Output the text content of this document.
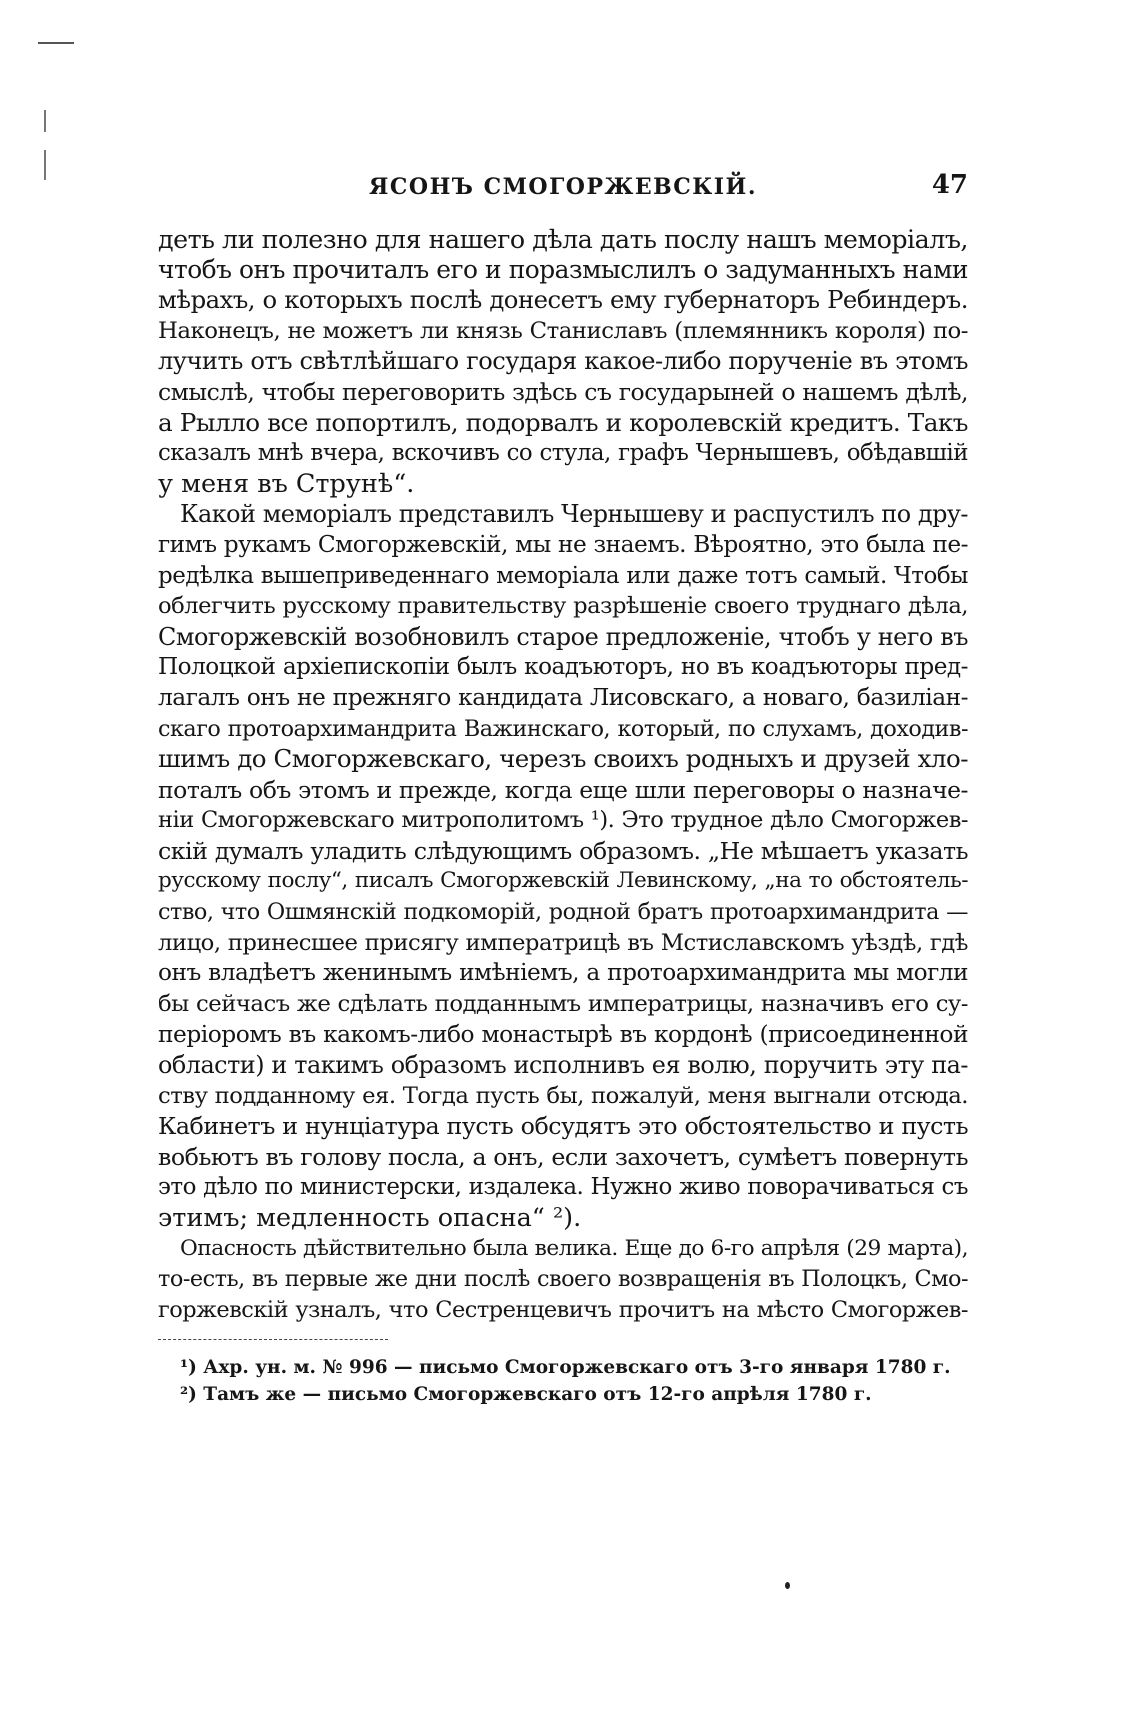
ЯСОНЪ СМОГОРЖЕВСКІЙ.	47
деть ли полезно для нашего дѣла дать послу нашъ меморіалъ,
чтобъ онъ прочиталъ его и поразмыслилъ о задуманныхъ нами
мѣрахъ, о которыхъ послѣ донесетъ ему губернаторъ Ребиндеръ.
Наконецъ, не можетъ ли князь Станиславъ (племянникъ короля) по-
лучить отъ свѣтлѣйшаго государя какое-либо порученіе въ этомъ
смыслѣ, чтобы переговорить здѣсь съ государыней о нашемъ дѣлѣ,
а Рылло все попортилъ, подорвалъ и королевскій кредитъ. Такъ
сказалъ мнѣ вчера, вскочивъ со стула, графъ Чернышевъ, обѣдавшій
у меня въ Струнѣ“.
Какой меморіалъ представилъ Чернышеву и распустилъ по дру-
гимъ рукамъ Смогоржевскій, мы не знаемъ. Вѣроятно, это была пе-
редѣлка вышеприведеннаго меморіала или даже тотъ самый. Чтобы
облегчить русскому правительству разрѣшеніе своего труднаго дѣла,
Смогоржевскій возобновилъ старое предложеніе, чтобъ у него въ
Полоцкой архіепископіи былъ коадъюторъ, но въ коадъюторы пред-
лагалъ онъ не прежняго кандидата Лисовскаго, а новаго, базиліан-
скаго протоархимандрита Важинскаго, который, по слухамъ, доходив-
шимъ до Смогоржевскаго, черезъ своихъ родныхъ и друзей хло-
поталъ объ этомъ и прежде, когда еще шли переговоры о назначе-
ніи Смогоржевскаго митрополитомъ ¹). Это трудное дѣло Смогоржев-
скій думалъ уладить слѣдующимъ образомъ. „Не мѣшаетъ указать
русскому послу“, писалъ Смогоржевскій Левинскому, „на то обстоятель-
ство, что Ошмянскій подкоморій, родной братъ протоархимандрита —
лицо, принесшее присягу императрицѣ въ Мстиславскомъ уѣздѣ, гдѣ
онъ владѣетъ женинымъ имѣніемъ, а протоархимандрита мы могли
бы сейчасъ же сдѣлать подданнымъ императрицы, назначивъ его су-
періоромъ въ какомъ-либо монастырѣ въ кордонѣ (присоединенной
области) и такимъ образомъ исполнивъ ея волю, поручить эту па-
ству подданному ея. Тогда пусть бы, пожалуй, меня выгнали отсюда.
Кабинетъ и нунціатура пусть обсудятъ это обстоятельство и пусть
вобьютъ въ голову посла, а онъ, если захочетъ, сумѣетъ повернуть
это дѣло по министерски, издалека. Нужно живо поворачиваться съ
этимъ; медленность опасна“ ²).
Опасность дѣйствительно была велика. Еще до 6-го апрѣля (29 марта),
то-есть, въ первые же дни послѣ своего возвращенія въ Полоцкъ, Смо-
горжевскій узналъ, что Сестренцевичъ прочитъ на мѣсто Смогоржев-
¹) Ахр. ун. м. № 996 — письмо Смогоржевскаго отъ 3-го января 1780 г.
²) Тамъ же — письмо Смогоржевскаго отъ 12-го апрѣля 1780 г.
